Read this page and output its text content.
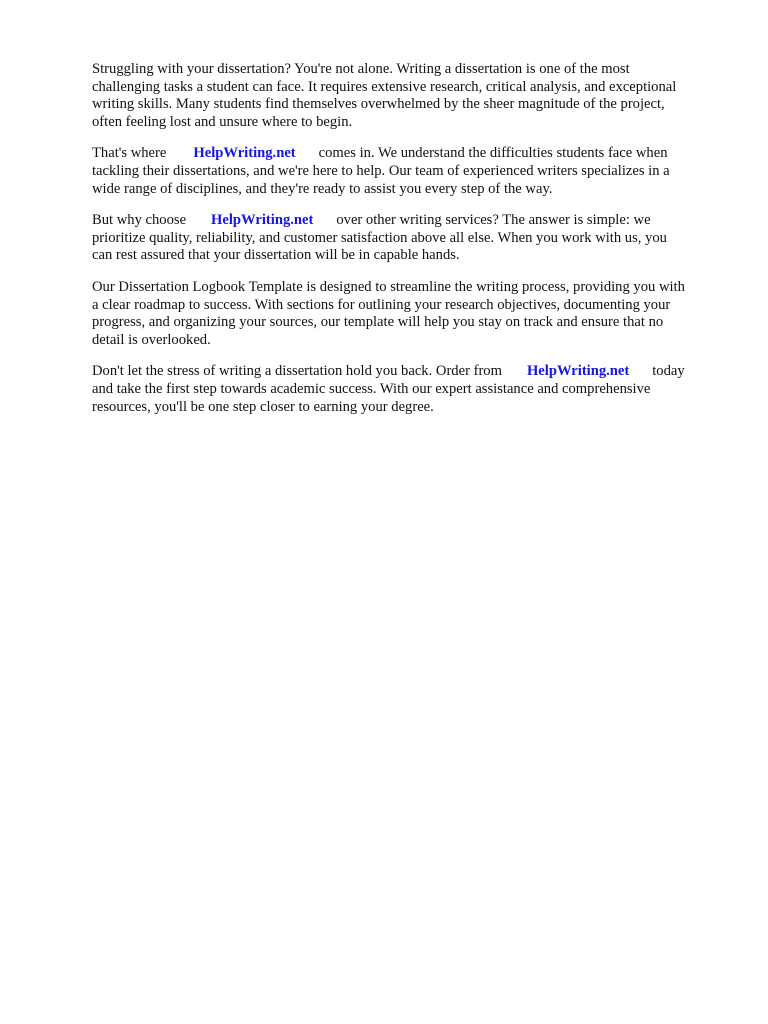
Struggling with your dissertation? You're not alone. Writing a dissertation is one of the most
challenging tasks a student can face. It requires extensive research, critical analysis, and exceptional
writing skills. Many students find themselves overwhelmed by the sheer magnitude of the project,
often feeling lost and unsure where to begin.

That's where HelpWriting.net comes in. We understand the difficulties students face when
tackling their dissertations, and we're here to help. Our team of experienced writers specializes in a
wide range of disciplines, and they're ready to assist you every step of the way.

But why choose HelpWriting.net over other writing services? The answer is simple: we
prioritize quality, reliability, and customer satisfaction above all else. When you work with us, you
can rest assured that your dissertation will be in capable hands.

Our Dissertation Logbook Template is designed to streamline the writing process, providing you with
a clear roadmap to success. With sections for outlining your research objectives, documenting your
progress, and organizing your sources, our template will help you stay on track and ensure that no
detail is overlooked.

Don't let the stress of writing a dissertation hold you back. Order from HelpWriting.net today
and take the first step towards academic success. With our expert assistance and comprehensive
resources, you'll be one step closer to earning your degree.
